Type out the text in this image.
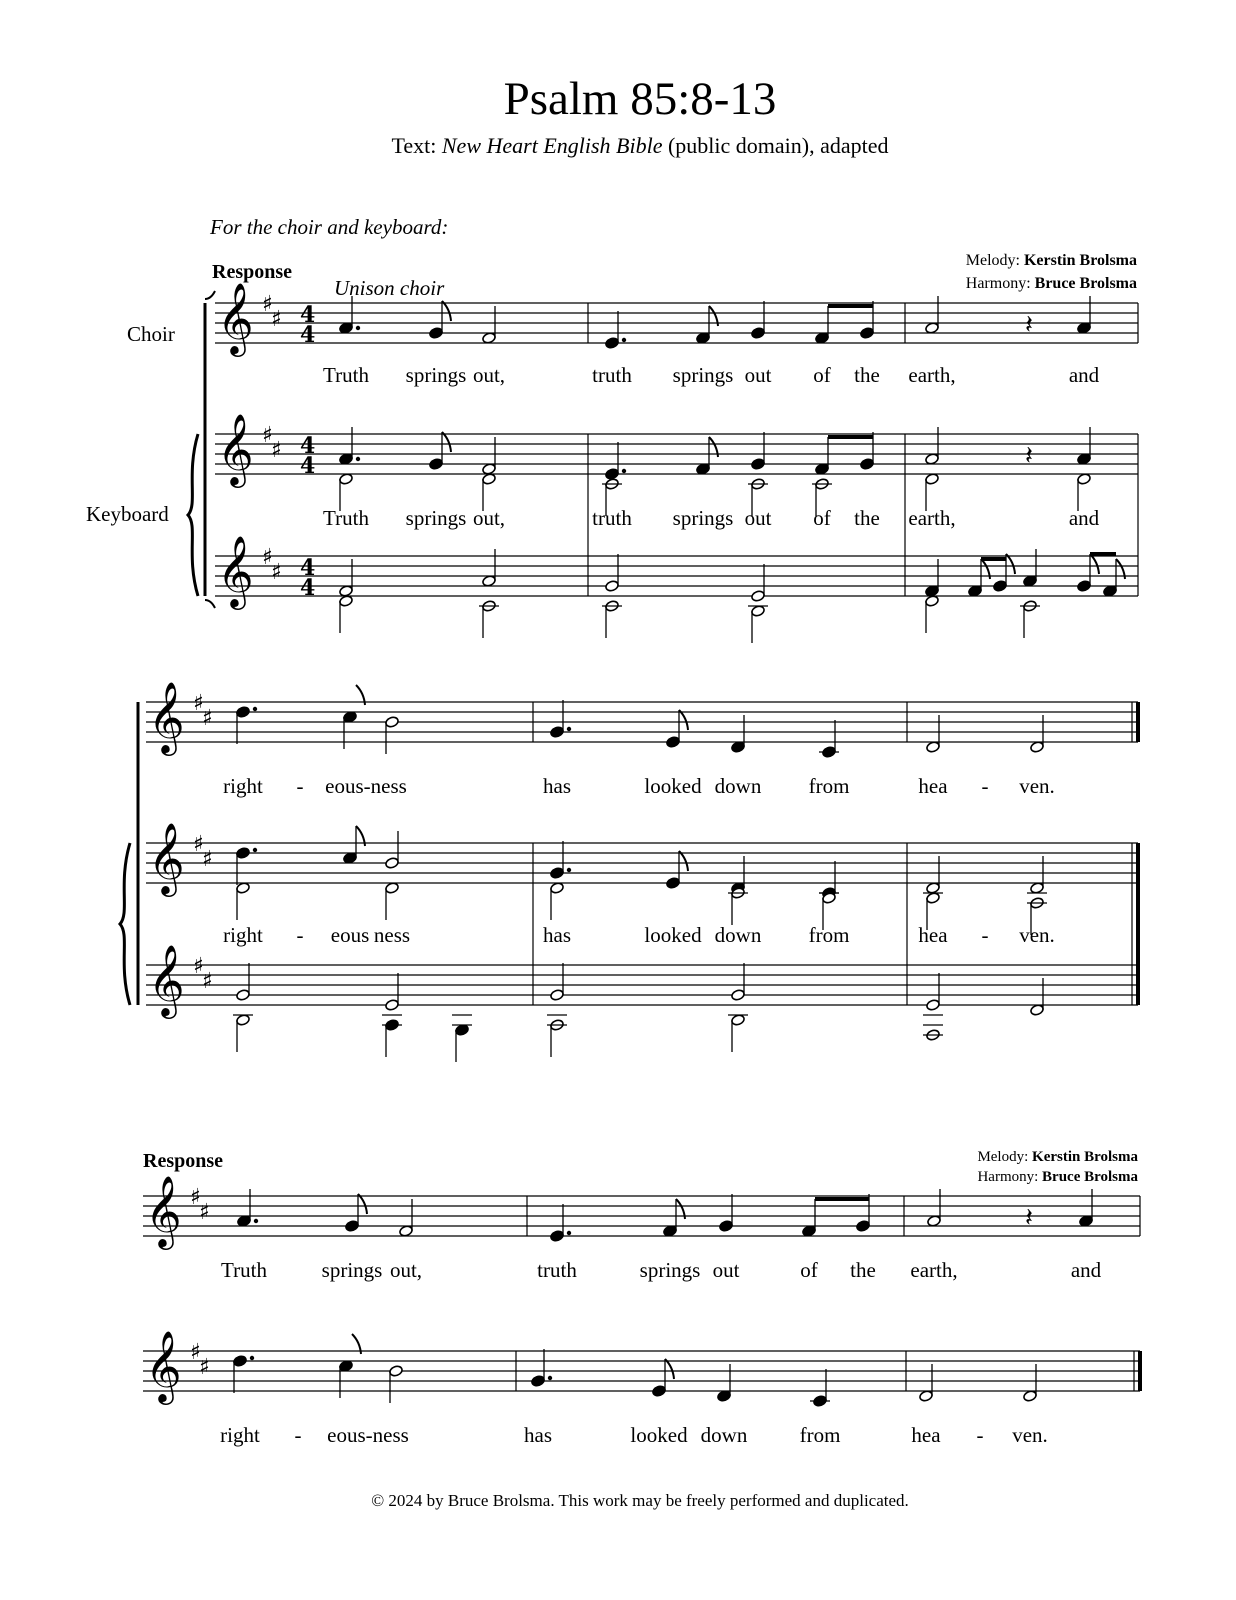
Psalm 85:8-13
Text: New Heart English Bible (public domain), adapted
For the choir and keyboard:
Response
Melody: Kerstin Brolsma
Harmony: Bruce Brolsma
Unison choir
Choir
Keyboard
Response	Melody: Kerstin Brolsma
Harmony: Bruce Brolsma
Truth springs out,	truth springs out of the earth,	and
Truth springs out,	truth springs out of the earth,	and
right - eous-ness	has	looked down from	hea - ven.
right - eous ness	has	looked down from	hea - ven.
Truth	springs out,	truth	springs out	of the earth,	and
right - eous-ness	has	looked down from	hea - ven.
© 2024 by Bruce Brolsma. This work may be freely performed and duplicated.
𝄞 ♯
♯ 4
4
𝄞 ♯
♯ 4
4
𝄞 ♯
♯ 4
4
𝄽
𝄽
𝄞 ♯
♯
𝄞 ♯
♯
𝄞 ♯
♯
𝄞 ♯
♯	𝄽
𝄞 ♯
♯
